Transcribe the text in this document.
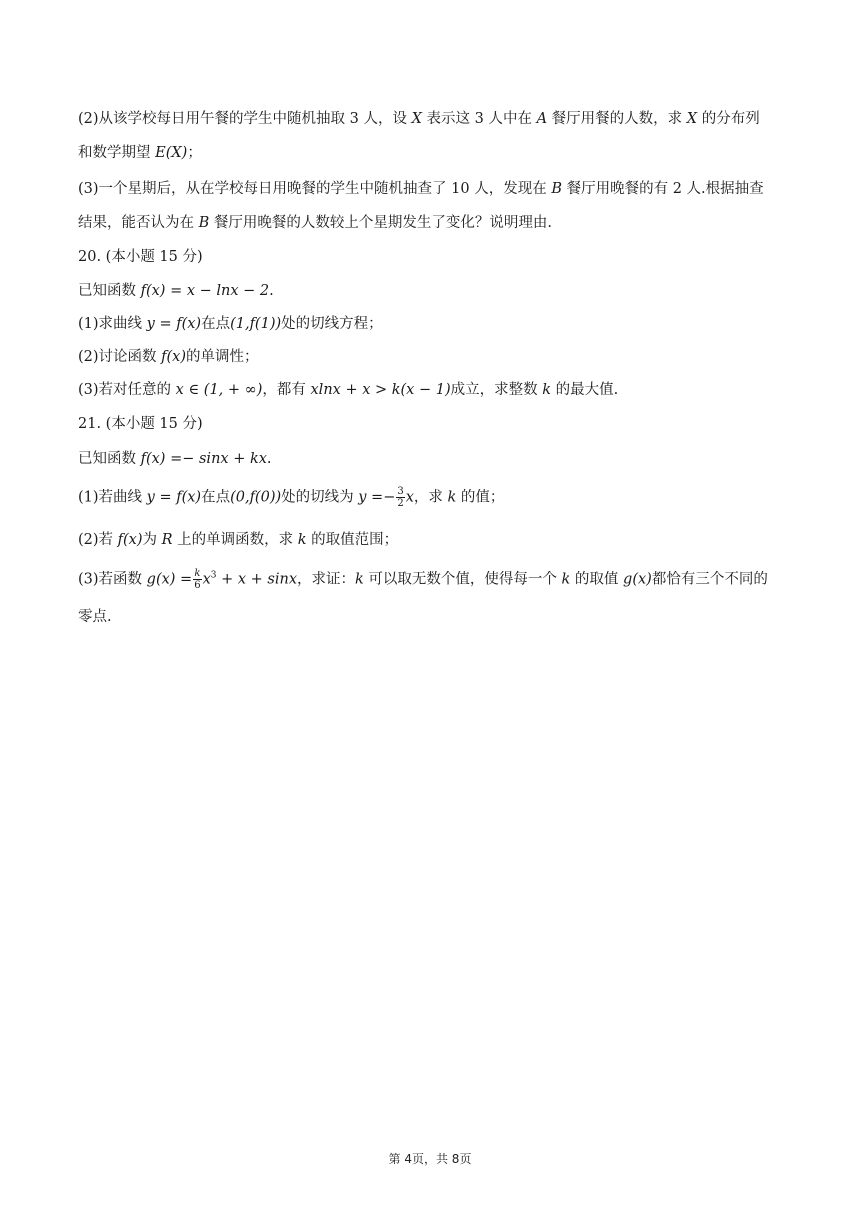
(2)从该学校每日用午餐的学生中随机抽取 3 人，设 X 表示这 3 人中在 A 餐厅用餐的人数，求 X 的分布列
和数学期望 E(X)；
(3)一个星期后，从在学校每日用晚餐的学生中随机抽查了 10 人，发现在 B 餐厅用晚餐的有 2 人.根据抽查
结果，能否认为在 B 餐厅用晚餐的人数较上个星期发生了变化？说明理由.
20. (本小题 15 分)
已知函数 f(x) = x − lnx − 2.
(1)求曲线 y = f(x)在点(1,f(1))处的切线方程；
(2)讨论函数 f(x)的单调性；
(3)若对任意的 x ∈ (1, + ∞)，都有 xlnx + x > k(x − 1)成立，求整数 k 的最大值.
21. (本小题 15 分)
已知函数 f(x) =− sinx + kx.
(1)若曲线 y = f(x)在点(0,f(0))处的切线为 $y =- \frac{3}{2}$ x，求 k 的值；
(2)若 f(x)为 R 上的单调函数，求 k 的取值范围；
(3)若函数 $g(x) = \frac{k}{6} x^3 + x + \sin x$，求证：k 可以取无数个值，使得每一个 k 的取值 g(x)都恰有三个不同的
零点.
第 4页，共 8页
